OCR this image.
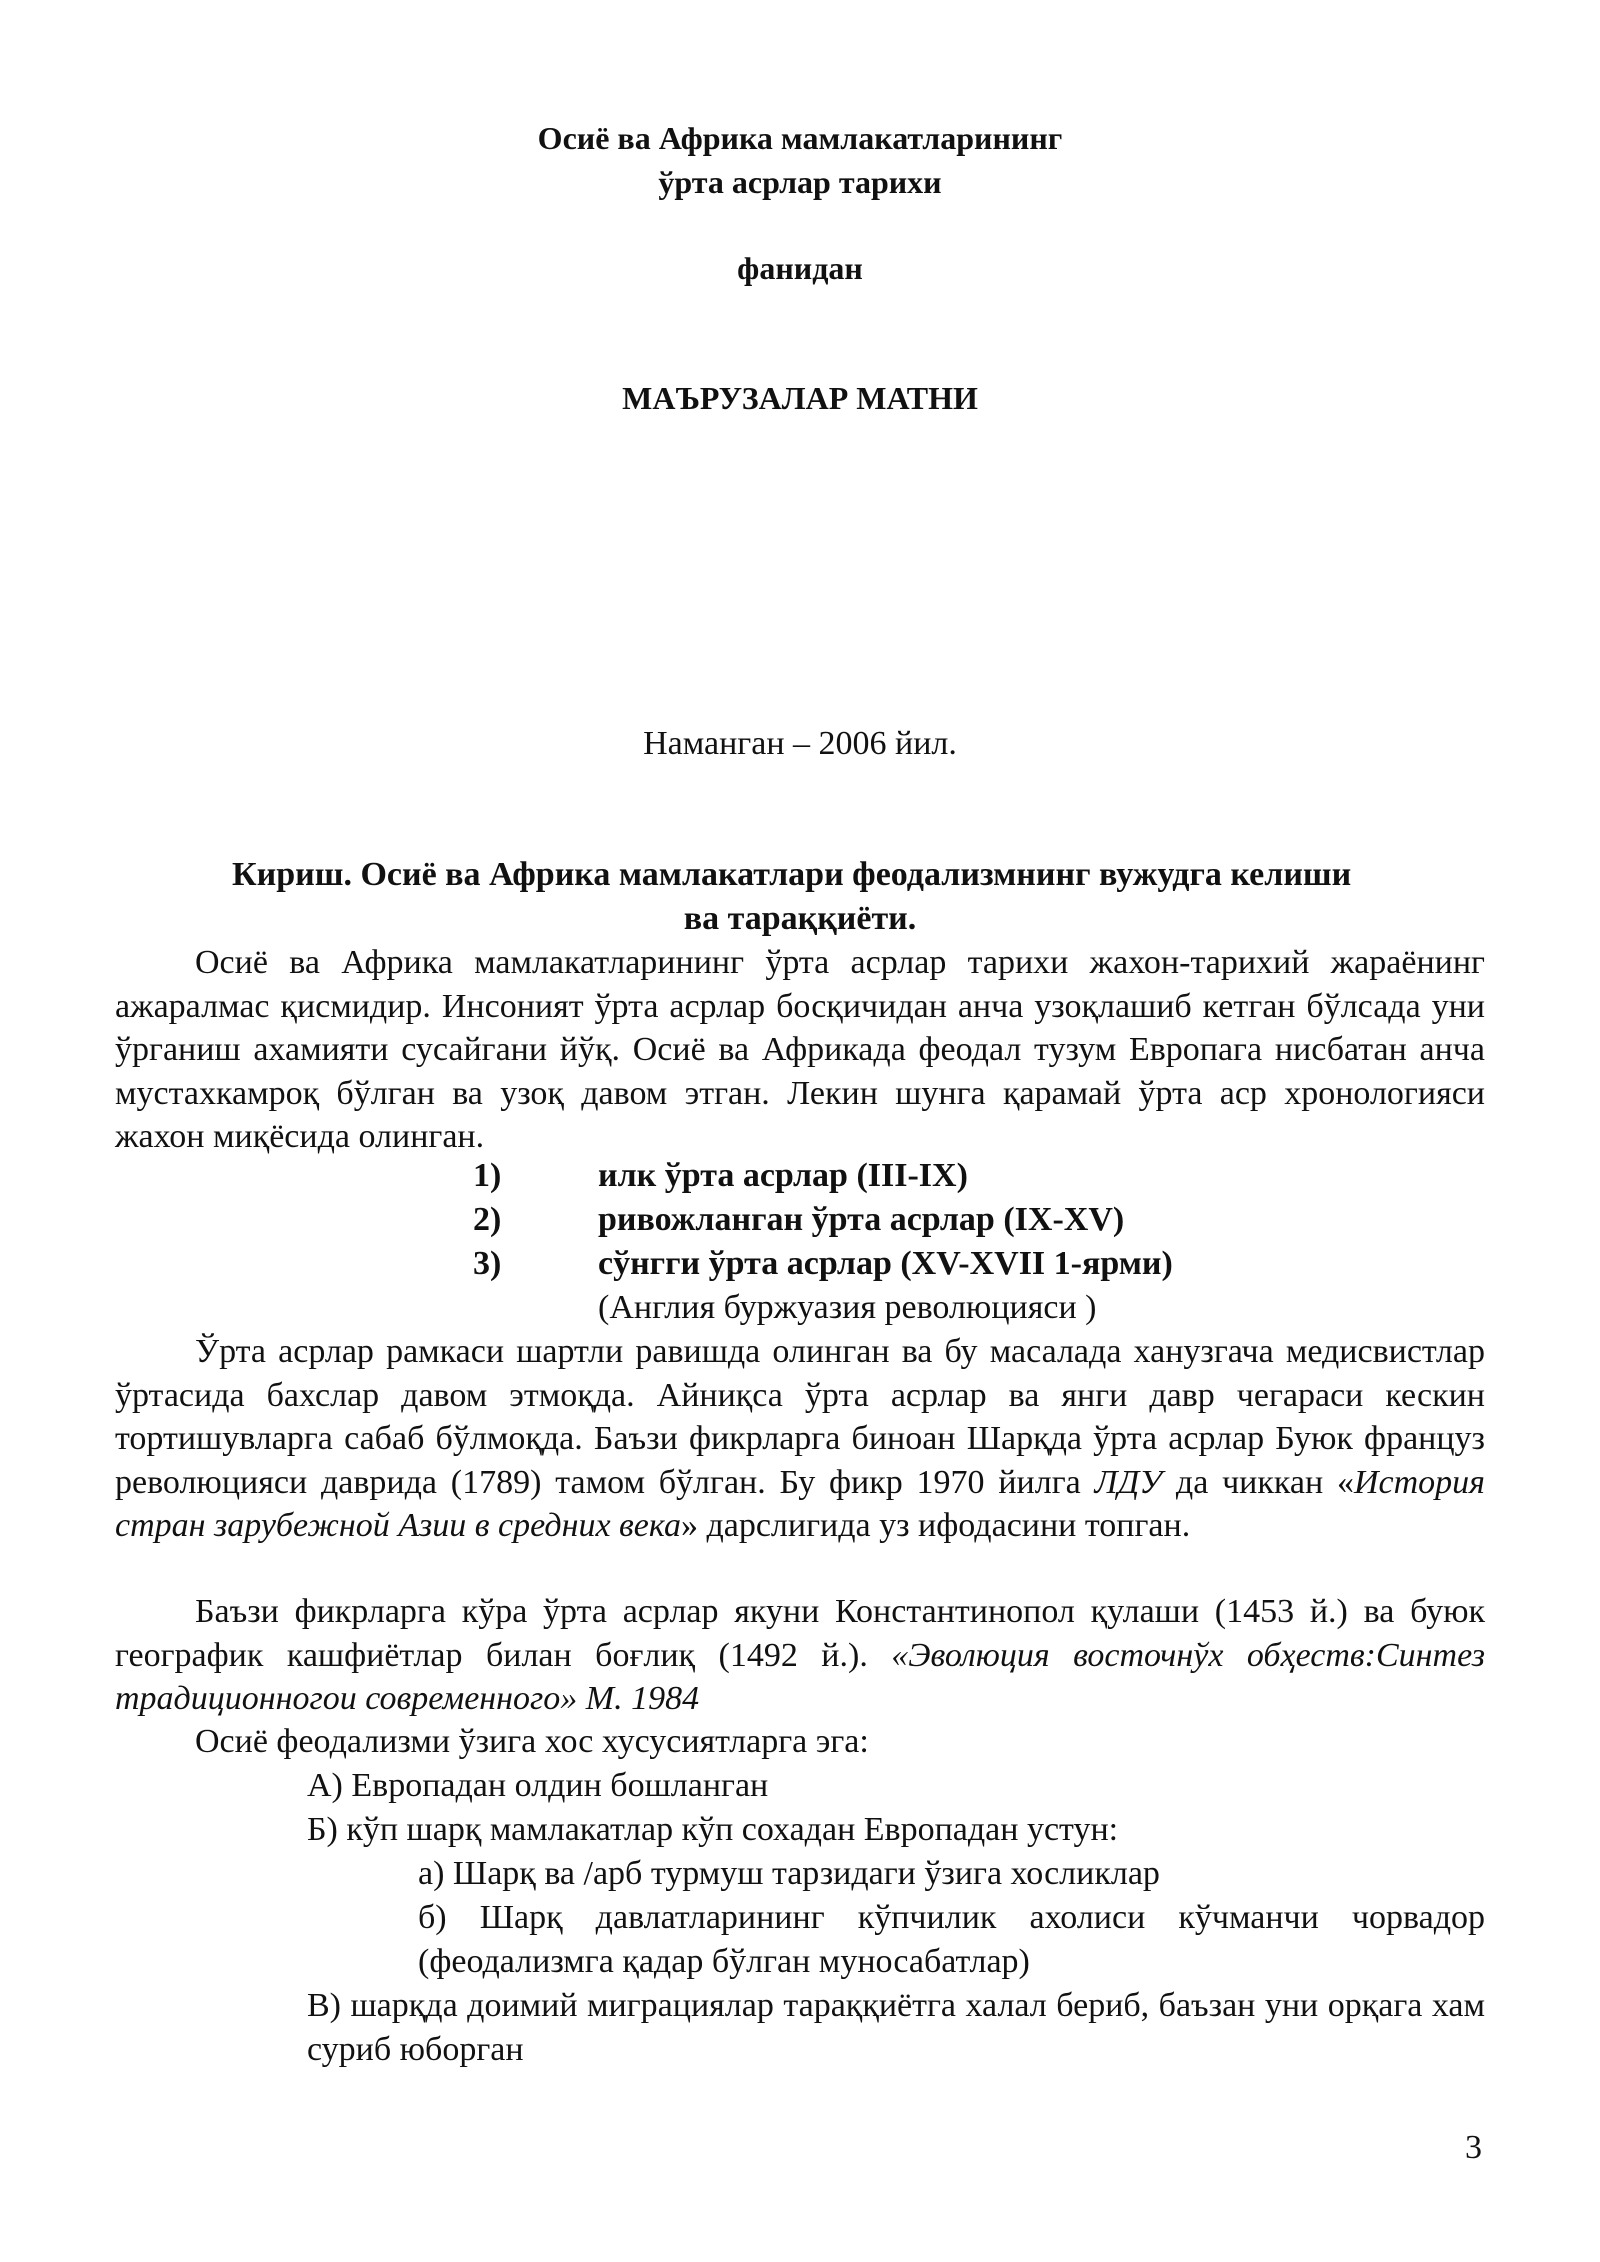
Осиё ва Африка мамлакатларининг
ўрта асрлар тарихи
фанидан
МАЪРУЗАЛАР МАТНИ
Наманган – 2006 йил.
Кириш. Осиё ва Африка мамлакатлари феодализмнинг вужудга келиши
ва тараққиёти.

Осиё ва Африка мамлакатларининг ўрта асрлар тарихи жахон-тарихий жараёнинг ажаралмас қисмидир. Инсоният ўрта асрлар босқичидан анча узоқлашиб кетган бўлсада уни ўрганиш ахамияти сусайгани йўқ. Осиё ва Африкада феодал тузум Европага нисбатан анча мустахкамроқ бўлган ва узоқ давом этган. Лекин шунга қарамай ўрта аср хронологияси жахон миқёсида олинган.

1)	илк ўрта асрлар (III-IX)
2)	ривожланган ўрта асрлар (IX-XV)
3)	сўнгги ўрта асрлар (XV-XVII 1-ярми)
(Англия буржуазия революцияси )

Ўрта асрлар рамкаси шартли равишда олинган ва бу масалада ханузгача медисвистлар ўртасида бахслар давом этмоқда. Айниқса ўрта асрлар ва янги давр чегараси кескин тортишувларга сабаб бўлмоқда. Баъзи фикрларга биноан Шарқда ўрта асрлар Буюк француз революцияси даврида (1789) тамом бўлган. Бу фикр 1970 йилга ЛДУ да чиккан «История стран зарубежной Азии в средних века» дарслигида уз ифодасини топган.

Баъзи фикрларга кўра ўрта асрлар якуни Константинопол қулаши (1453 й.) ва буюк географик кашфиётлар билан боғлиқ (1492 й.). «Эволюция восточнўх обҳеств:Синтез традиционногои современного» М. 1984

Осиё феодализми ўзига хос хусусиятларга эга:
А) Европадан олдин бошланган
Б) кўп шарқ мамлакатлар кўп сохадан Европадан устун:
а) Шарқ ва /арб турмуш тарзидаги ўзига хосликлар

б) Шарқ давлатларининг кўпчилик ахолиси кўчманчи чорвадор (феодализмга қадар бўлган муносабатлар)

В) шарқда доимий миграциялар тараққиётга халал бериб, баъзан уни орқага хам суриб юборган

3
